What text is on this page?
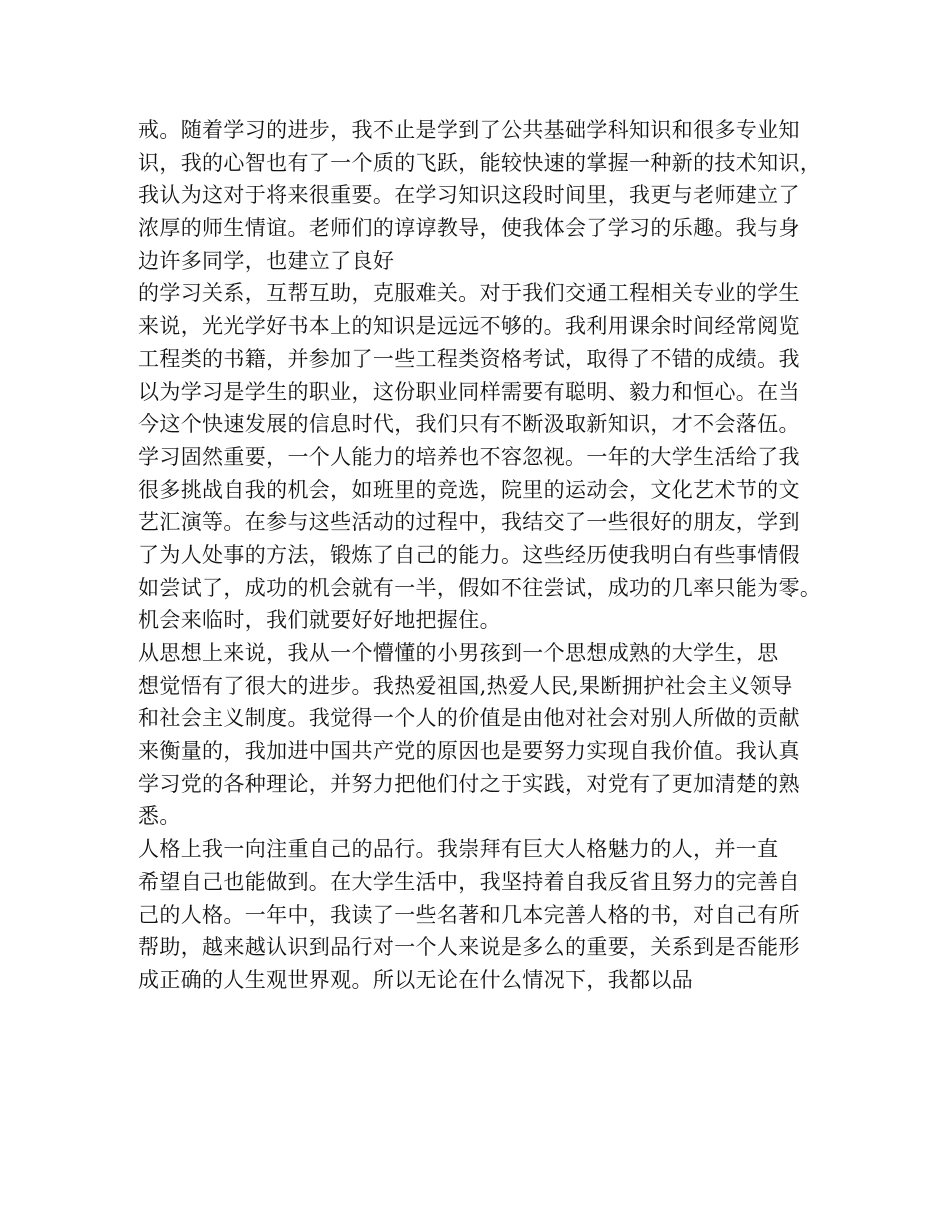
戒。随着学习的进步，我不止是学到了公共基础学科知识和很多专业知
识，我的心智也有了一个质的飞跃，能较快速的掌握一种新的技术知识，
我认为这对于将来很重要。在学习知识这段时间里，我更与老师建立了
浓厚的师生情谊。老师们的谆谆教导，使我体会了学习的乐趣。我与身
边许多同学，也建立了良好
的学习关系，互帮互助，克服难关。对于我们交通工程相关专业的学生
来说，光光学好书本上的知识是远远不够的。我利用课余时间经常阅览
工程类的书籍，并参加了一些工程类资格考试，取得了不错的成绩。我
以为学习是学生的职业，这份职业同样需要有聪明、毅力和恒心。在当
今这个快速发展的信息时代，我们只有不断汲取新知识，才不会落伍。
学习固然重要，一个人能力的培养也不容忽视。一年的大学生活给了我
很多挑战自我的机会，如班里的竞选，院里的运动会，文化艺术节的文
艺汇演等。在参与这些活动的过程中，我结交了一些很好的朋友，学到
了为人处事的方法，锻炼了自己的能力。这些经历使我明白有些事情假
如尝试了，成功的机会就有一半，假如不往尝试，成功的几率只能为零。
机会来临时，我们就要好好地把握住。
从思想上来说，我从一个懵懂的小男孩到一个思想成熟的大学生，思
想觉悟有了很大的进步。我热爱祖国,热爱人民,果断拥护社会主义领导
和社会主义制度。我觉得一个人的价值是由他对社会对别人所做的贡献
来衡量的，我加进中国共产党的原因也是要努力实现自我价值。我认真
学习党的各种理论，并努力把他们付之于实践，对党有了更加清楚的熟
悉。
人格上我一向注重自己的品行。我崇拜有巨大人格魅力的人，并一直
希望自己也能做到。在大学生活中，我坚持着自我反省且努力的完善自
己的人格。一年中，我读了一些名著和几本完善人格的书，对自己有所
帮助，越来越认识到品行对一个人来说是多么的重要，关系到是否能形
成正确的人生观世界观。所以无论在什么情况下，我都以品
